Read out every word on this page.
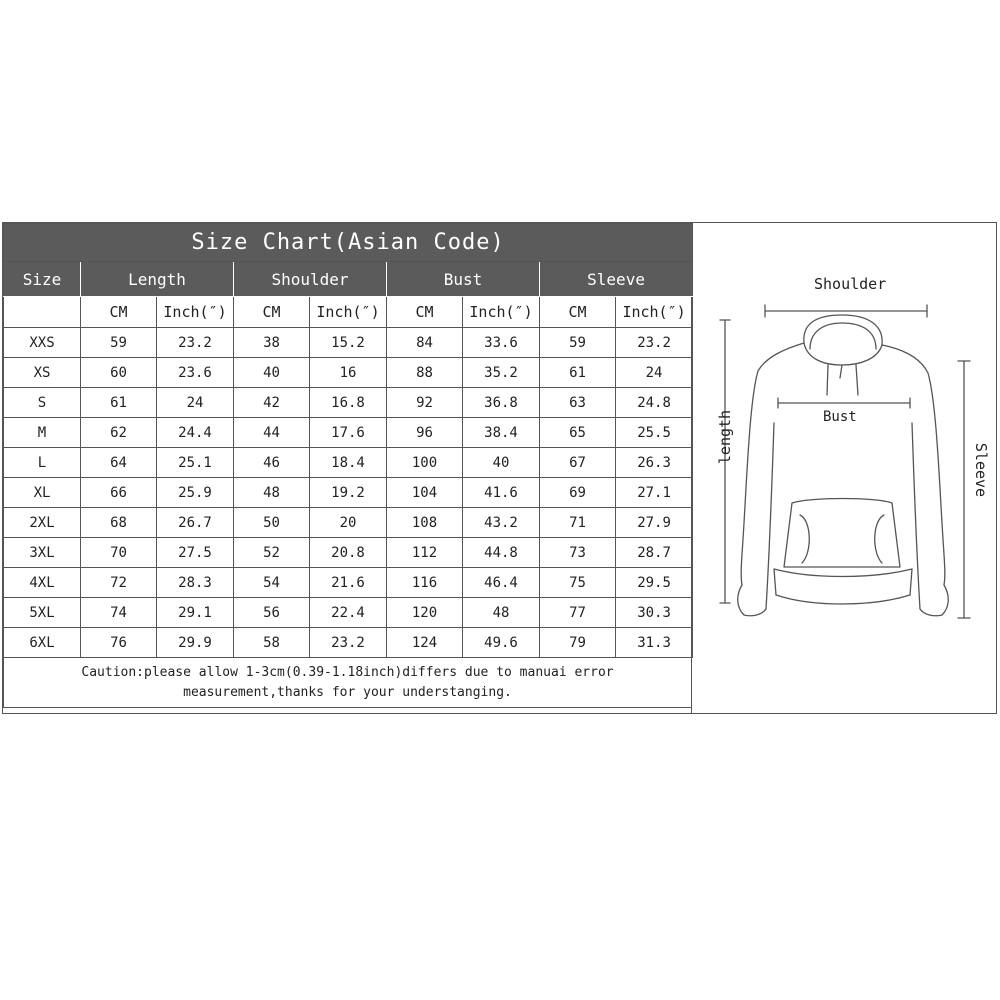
Size Chart(Asian Code)								
Size	Length		Shoulder		Bust		Sleeve	
	CM	Inch(″)	CM	Inch(″)	CM	Inch(″)	CM	Inch(″)
XXS	59	23.2	38	15.2	84	33.6	59	23.2
XS	60	23.6	40	16	88	35.2	61	24
S	61	24	42	16.8	92	36.8	63	24.8
M	62	24.4	44	17.6	96	38.4	65	25.5
L	64	25.1	46	18.4	100	40	67	26.3
XL	66	25.9	48	19.2	104	41.6	69	27.1
2XL	68	26.7	50	20	108	43.2	71	27.9
3XL	70	27.5	52	20.8	112	44.8	73	28.7
4XL	72	28.3	54	21.6	116	46.4	75	29.5
5XL	74	29.1	56	22.4	120	48	77	30.3
6XL	76	29.9	58	23.2	124	49.6	79	31.3
Caution:please allow 1-3cm(0.39-1.18inch)differs due to manuai error
measurement,thanks for your understanging.
Shoulder
Bust
length
Sleeve
